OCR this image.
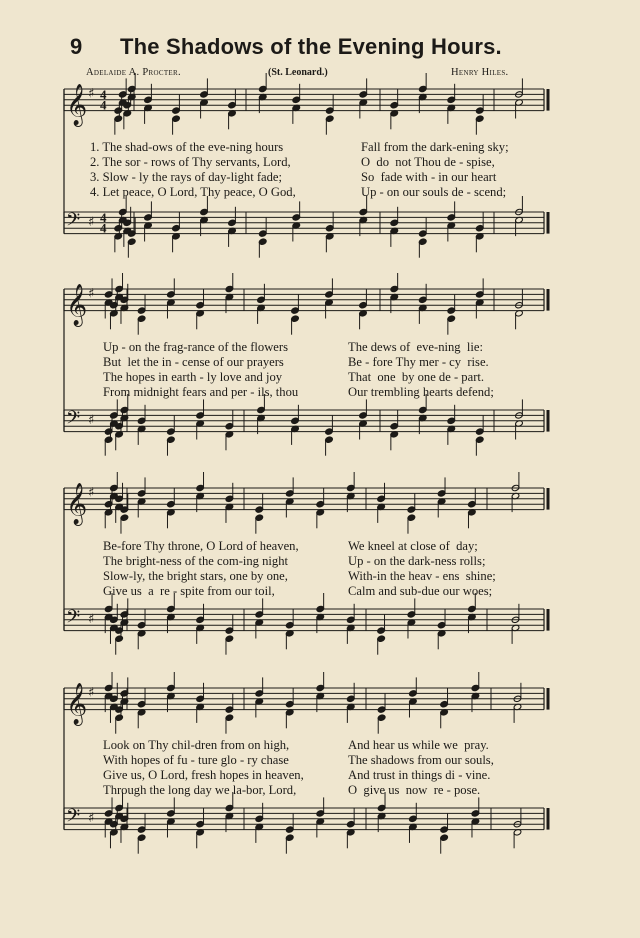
9 The Shadows of the Evening Hours.
Adelaide A. Procter.	(St. Leonard.)	Henry Hiles.
𝄞 ♯ 4
4
𝄞 ♯
𝄞 ♯
𝄞 ♯
𝄢 ♯ 4
4
𝄢 ♯
𝄢 ♯
𝄢 ♯
1. The shad-ows of the eve-ning hours	Fall from the dark-ening sky;
2. The sor - rows of Thy servants, Lord,	O  do  not Thou de - spise,
3. Slow - ly the rays of day-light fade;	So  fade with - in our heart
4. Let peace, O Lord, Thy peace, O God,	Up - on our souls de - scend;
Up - on the frag-rance of the flowers	The dews of  eve-ning  lie:
But  let the in - cense of our prayers	Be - fore Thy mer - cy  rise.
The hopes in earth - ly love and joy	That  one  by one de - part.
From midnight fears and per - ils, thou	Our trembling hearts defend;
Be-fore Thy throne, O Lord of heaven,	We kneel at close of  day;
The bright-ness of the com-ing night	Up - on the dark-ness rolls;
Slow-ly, the bright stars, one by one,	With-in the heav - ens  shine;
Give us  a  re - spite from our toil,	Calm and sub-due our woes;
Look on Thy chil-dren from on high,	And hear us while we  pray.
With hopes of fu - ture glo - ry chase	The shadows from our souls,
Give us, O Lord, fresh hopes in heaven,	And trust in things di - vine.
Through the long day we la-bor, Lord,	O  give us  now  re - pose.
